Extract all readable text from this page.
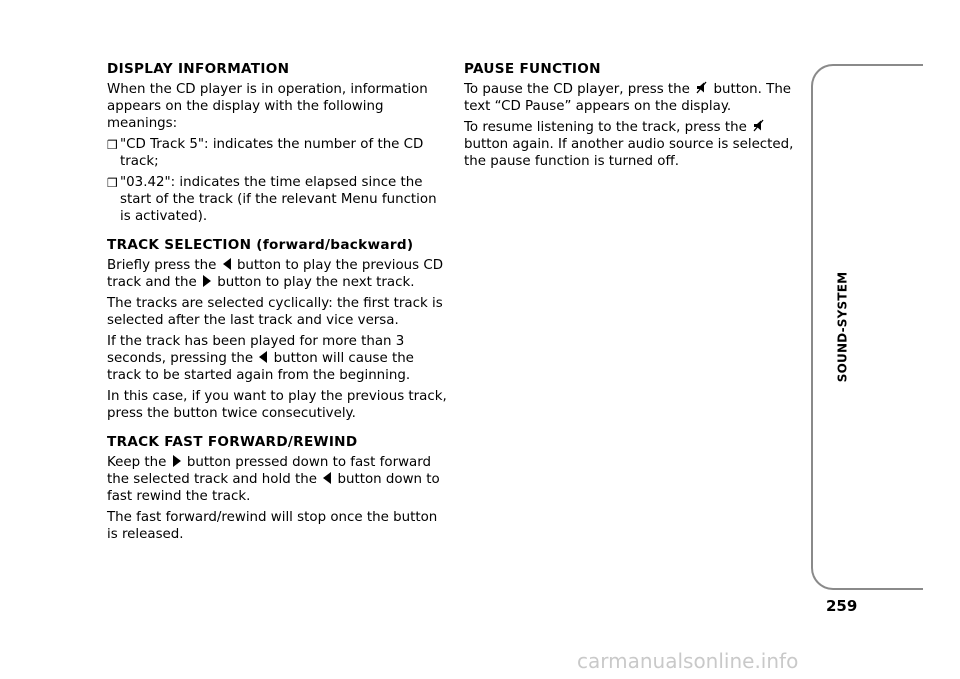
DISPLAY INFORMATION

When the CD player is in operation, information appears on the display with the following meanings:

❒ "CD Track 5": indicates the number of the CD track;
❒ "03.42": indicates the time elapsed since the start of the track (if the relevant Menu function is activated).
TRACK SELECTION (forward/backward)

Briefly press the button to play the previous CD track and the button to play the next track.

The tracks are selected cyclically: the first track is selected after the last track and vice versa.

If the track has been played for more than 3 seconds, pressing the button will cause the track to be started again from the beginning.

In this case, if you want to play the previous track, press the button twice consecutively.

TRACK FAST FORWARD/REWIND

Keep the button pressed down to fast forward the selected track and hold the button down to fast rewind the track.

The fast forward/rewind will stop once the button is released.

PAUSE FUNCTION

To pause the CD player, press the button. The text “CD Pause” appears on the display.

To resume listening to the track, press the  button again. If another audio source is selected, the pause function is turned off.

SOUND-SYSTEM
259
carmanualsonline.info
